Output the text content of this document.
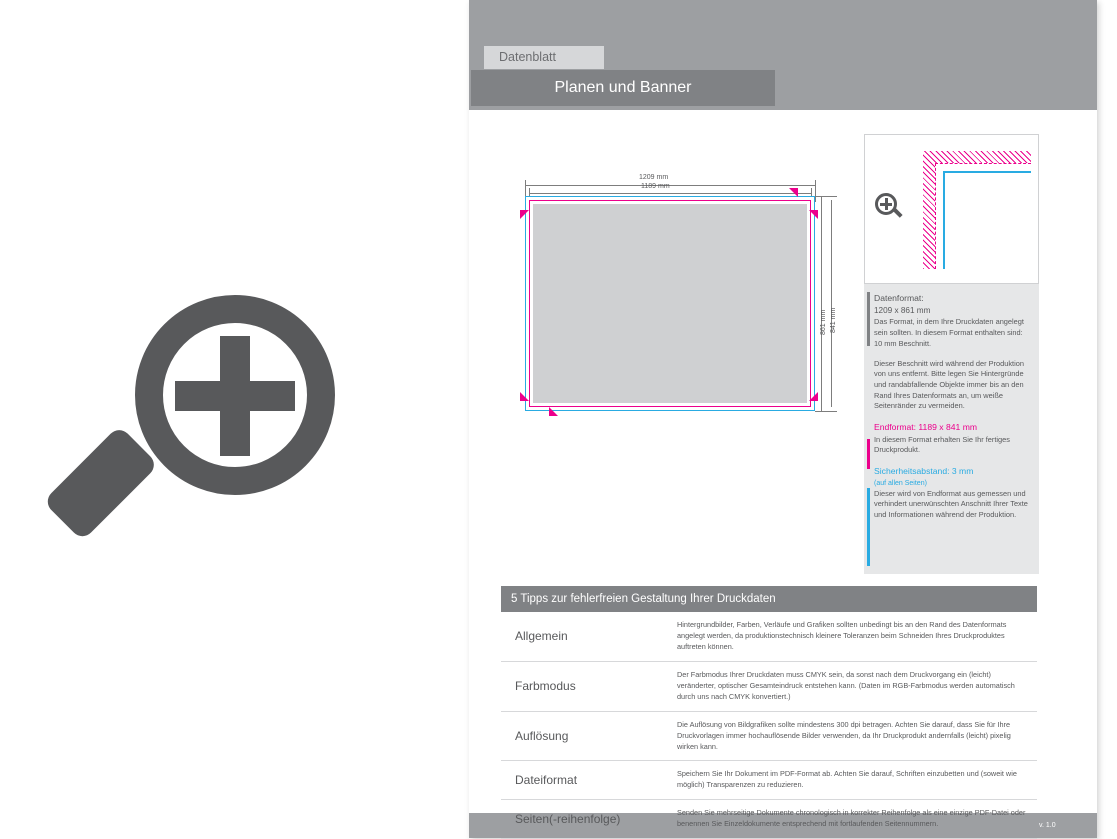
Datenblatt
Planen und Banner
1209 mm
1189 mm
861 mm 841 mm
Datenformat:
1209 x 861 mm

Das Format, in dem Ihre Druckdaten angelegt sein sollten. In diesem Format enthalten sind: 10 mm Beschnitt.

Dieser Beschnitt wird während der Produktion von uns entfernt. Bitte legen Sie Hintergründe und randabfallende Objekte immer bis an den Rand Ihres Datenformats an, um weiße Seitenränder zu vermeiden.

Endformat: 1189 x 841 mm

In diesem Format erhalten Sie Ihr fertiges Druckprodukt.

Sicherheitsabstand: 3 mm
(auf allen Seiten)

Dieser wird von Endformat aus gemessen und verhindert unerwünschten Anschnitt Ihrer Texte und Informationen während der Produktion.

5 Tipps zur fehlerfreien Gestaltung Ihrer Druckdaten
Allgemein	Hintergrundbilder, Farben, Verläufe und Grafiken sollten unbedingt bis an den Rand des Datenformats angelegt werden, da produktionstechnisch kleinere Toleranzen beim Schneiden Ihres Druckproduktes auftreten können.
Farbmodus	Der Farbmodus Ihrer Druckdaten muss CMYK sein, da sonst nach dem Druckvorgang ein (leicht) veränderter, optischer Gesamteindruck entstehen kann. (Daten im RGB-Farbmodus werden automatisch durch uns nach CMYK konvertiert.)
Auflösung	Die Auflösung von Bildgrafiken sollte mindestens 300 dpi betragen. Achten Sie darauf, dass Sie für Ihre Druckvorlagen immer hochauflösende Bilder verwenden, da Ihr Druckprodukt andernfalls (leicht) pixelig wirken kann.
Dateiformat	Speichern Sie Ihr Dokument im PDF-Format ab. Achten Sie darauf, Schriften einzubetten und (soweit wie möglich) Transparenzen zu reduzieren.
Seiten(-reihenfolge)	Senden Sie mehrseitige Dokumente chronologisch in korrekter Reihenfolge als eine einzige PDF-Datei oder benennen Sie Einzeldokumente entsprechend mit fortlaufenden Seitennummern.	v. 1.0
